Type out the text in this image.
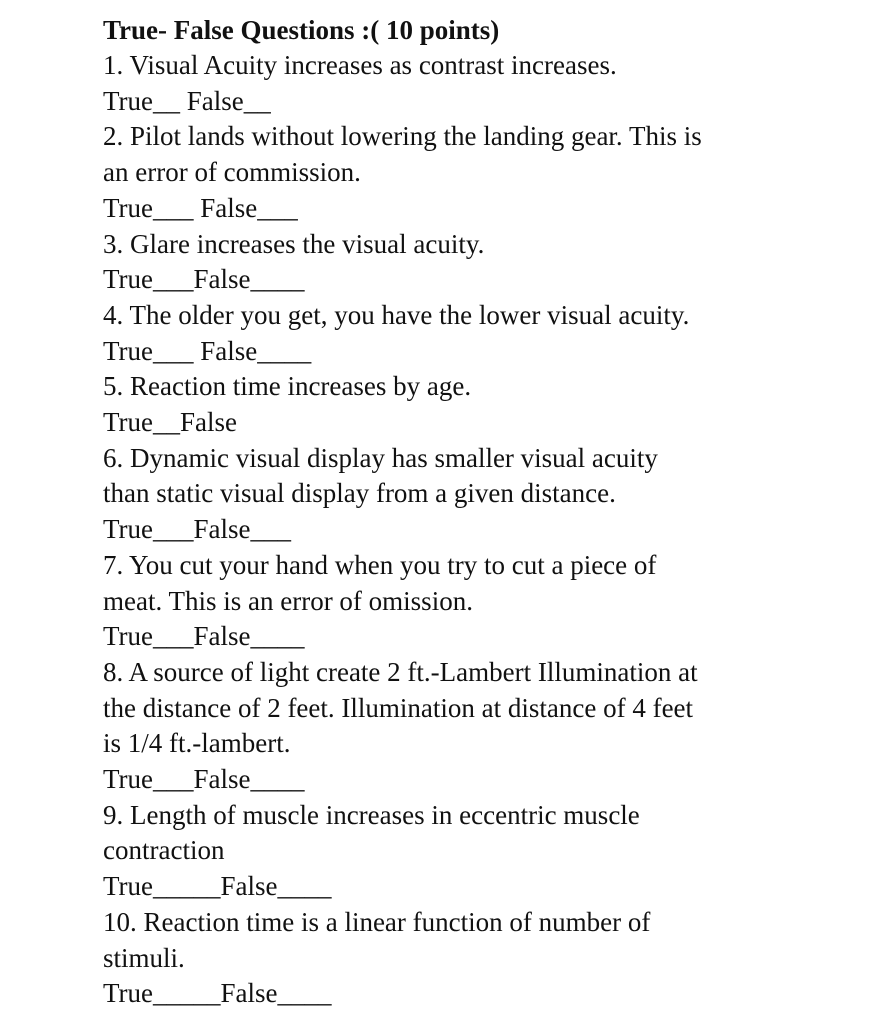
True- False Questions :( 10 points)

1. Visual Acuity increases as contrast increases.

True__ False__

2. Pilot lands without lowering the landing gear. This is

an error of commission.

True___ False___

3. Glare increases the visual acuity.

True___False____

4. The older you get, you have the lower visual acuity.

True___ False____

5. Reaction time increases by age.

True__False

6. Dynamic visual display has smaller visual acuity

than static visual display from a given distance.

True___False___

7. You cut your hand when you try to cut a piece of

meat. This is an error of omission.

True___False____

8. A source of light create 2 ft.-Lambert Illumination at

the distance of 2 feet. Illumination at distance of 4 feet

is 1/4 ft.-lambert.

True___False____

9. Length of muscle increases in eccentric muscle

contraction

True_____False____

10. Reaction time is a linear function of number of

stimuli.

True_____False____
